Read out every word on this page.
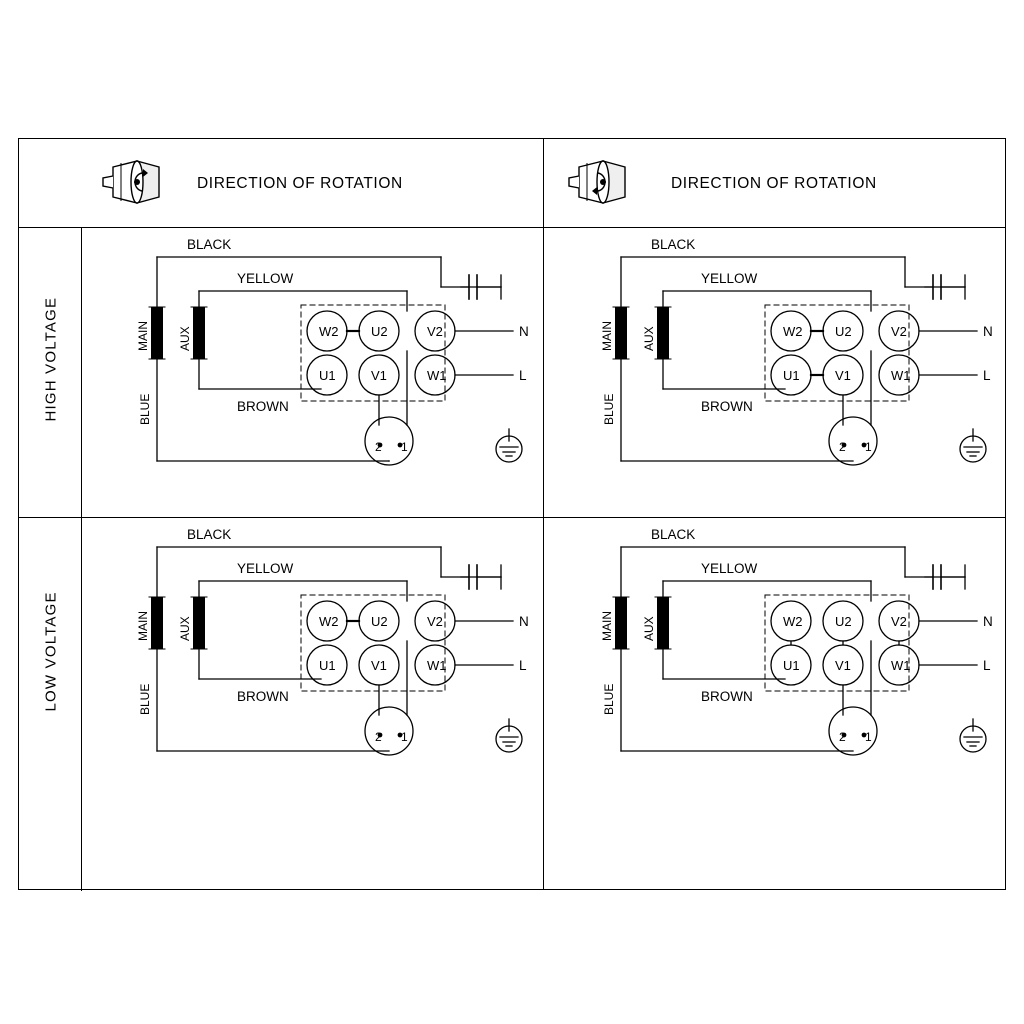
DIRECTION OF ROTATION	DIRECTION OF ROTATION
HIGH VOLTAGE
LOW VOLTAGE
BLACK
YELLOW
BROWN
MAIN AUX
BLUE
W2	U2	V2
U1	V1	W1
N
L
2 1
BLACK
YELLOW
BROWN
MAIN AUX
BLUE
W2	U2	V2
U1	V1	W1
N
L
2 1
BLACK
YELLOW
BROWN
MAIN AUX
BLUE
W2	U2	V2
U1	V1	W1
N
L
2 1
BLACK
YELLOW
BROWN
MAIN AUX
BLUE
W2	U2	V2
U1	V1	W1
N
L
2 1
